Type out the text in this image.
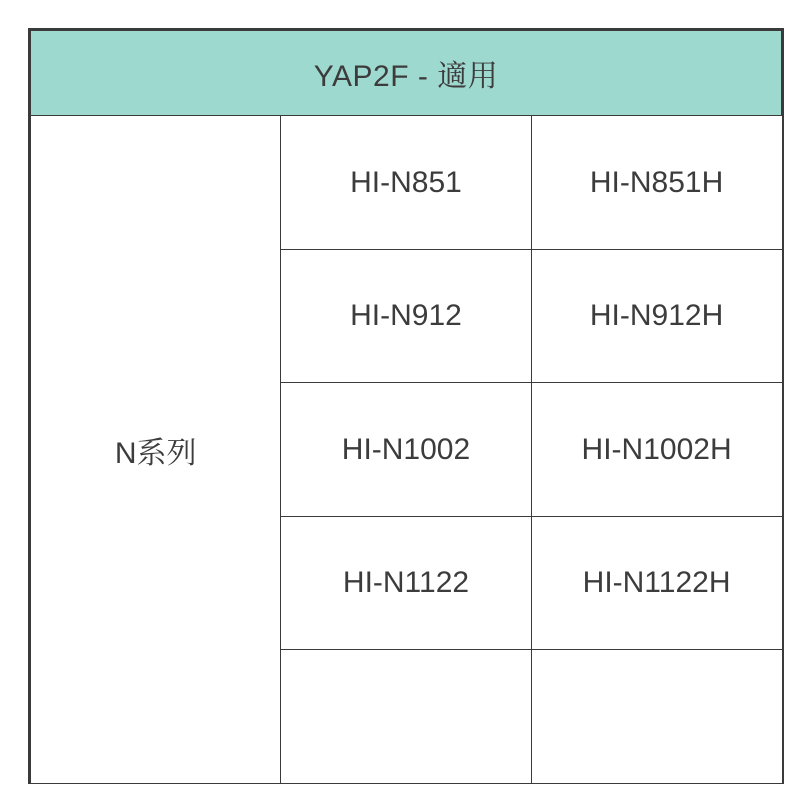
YAP2F - 適用		
N系列	HI-N851	HI-N851H
	HI-N912	HI-N912H
	HI-N1002	HI-N1002H
	HI-N1122	HI-N1122H
